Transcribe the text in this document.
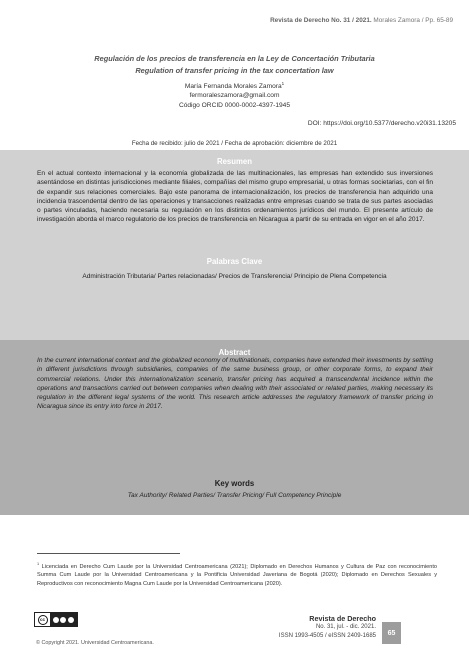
Revista de Derecho No. 31 / 2021. Morales Zamora / Pp. 65-89
Regulación de los precios de transferencia en la Ley de Concertación Tributaria
Regulation of transfer pricing in the tax concertation law
María Fernanda Morales Zamora$^1$
fermoraleszamora@gmail.com
Código ORCID 0000-0002-4397-1945
DOI: https://doi.org/10.5377/derecho.v20i31.13205
Fecha de recibido: julio de 2021 / Fecha de aprobación: diciembre de 2021
Resumen
En el actual contexto internacional y la economía globalizada de las multinacionales, las empresas han extendido sus inversiones asentándose en distintas jurisdicciones mediante filiales, compañías del mismo grupo empresarial, u otras formas societarias, con el fin de expandir sus relaciones comerciales. Bajo este panorama de internacionalización, los precios de transferencia han adquirido una incidencia trascendental dentro de las operaciones y transacciones realizadas entre empresas cuando se trata de sus partes asociadas o partes vinculadas, haciendo necesaria su regulación en los distintos ordenamientos jurídicos del mundo. El presente artículo de investigación aborda el marco regulatorio de los precios de transferencia en Nicaragua a partir de su entrada en vigor en el año 2017.
Palabras Clave
Administración Tributaria/ Partes relacionadas/ Precios de Transferencia/ Principio de Plena Competencia
Abstract
In the current international context and the globalized economy of multinationals, companies have extended their investments by settling in different jurisdictions through subsidiaries, companies of the same business group, or other corporate forms, to expand their commercial relations. Under this internationalization scenario, transfer pricing has acquired a transcendental incidence within the operations and transactions carried out between companies when dealing with their associated or related parties, making necessary its regulation in the different legal systems of the world. This research article addresses the regulatory framework of transfer pricing in Nicaragua since its entry into force in 2017.
Key words
Tax Authority/ Related Parties/ Transfer Pricing/ Full Competency Principle
$^1$ Licenciada en Derecho Cum Laude por la Universidad Centroamericana (2021); Diplomado en Derechos Humanos y Cultura de Paz con reconocimiento Summa Cum Laude por la Universidad Centroamericana y la Pontificia Universidad Javeriana de Bogotá (2020); Diplomado en Derechos Sexuales y Reproductivos con reconocimiento Magna Cum Laude por la Universidad Centroamericana (2020).
cc
© Copyright 2021. Universidad Centroamericana.
Revista de Derecho
No. 31, jul. - dic. 2021.
ISSN 1993-4505 / eISSN 2409-1685	65
